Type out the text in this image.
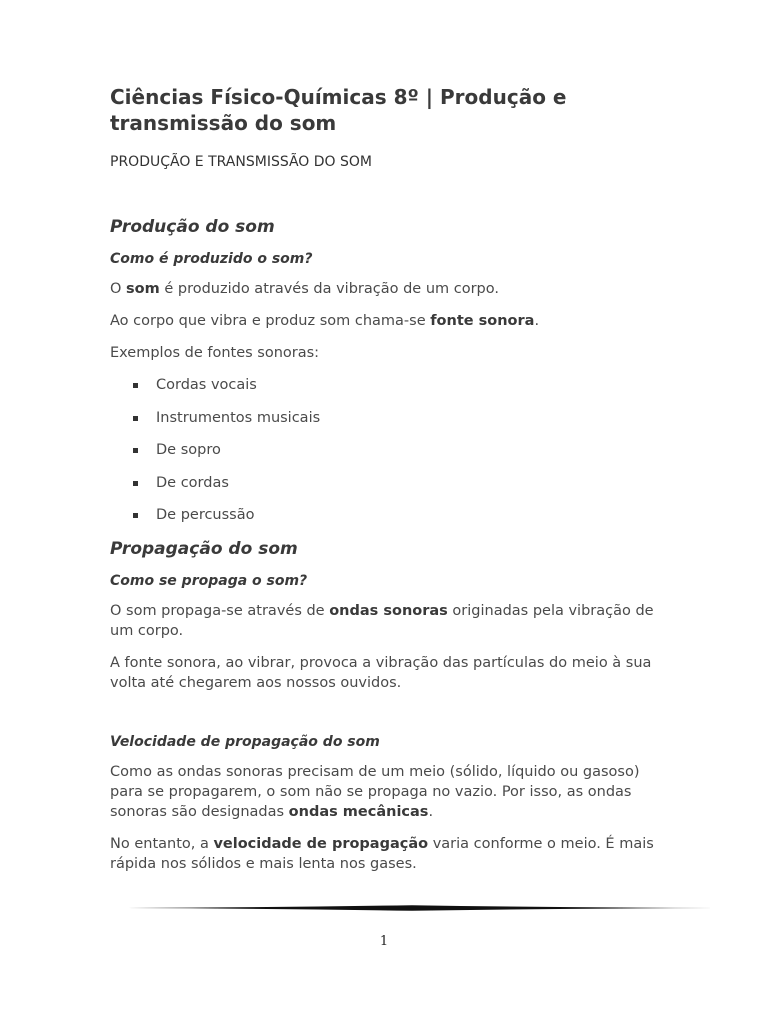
Ciências Físico-Químicas 8º | Produção e transmissão do som
PRODUÇÃO E TRANSMISSÃO DO SOM
Produção do som
Como é produzido o som?

O som é produzido através da vibração de um corpo.

Ao corpo que vibra e produz som chama-se fonte sonora.

Exemplos de fontes sonoras:

Cordas vocais
Instrumentos musicais
De sopro
De cordas
De percussão
Propagação do som
Como se propaga o som?

O som propaga-se através de ondas sonoras originadas pela vibração de um corpo.

A fonte sonora, ao vibrar, provoca a vibração das partículas do meio à sua volta até chegarem aos nossos ouvidos.

Velocidade de propagação do som

Como as ondas sonoras precisam de um meio (sólido, líquido ou gasoso) para se propagarem, o som não se propaga no vazio. Por isso, as ondas sonoras são designadas ondas mecânicas.

No entanto, a velocidade de propagação varia conforme o meio. É mais rápida nos sólidos e mais lenta nos gases.

1
